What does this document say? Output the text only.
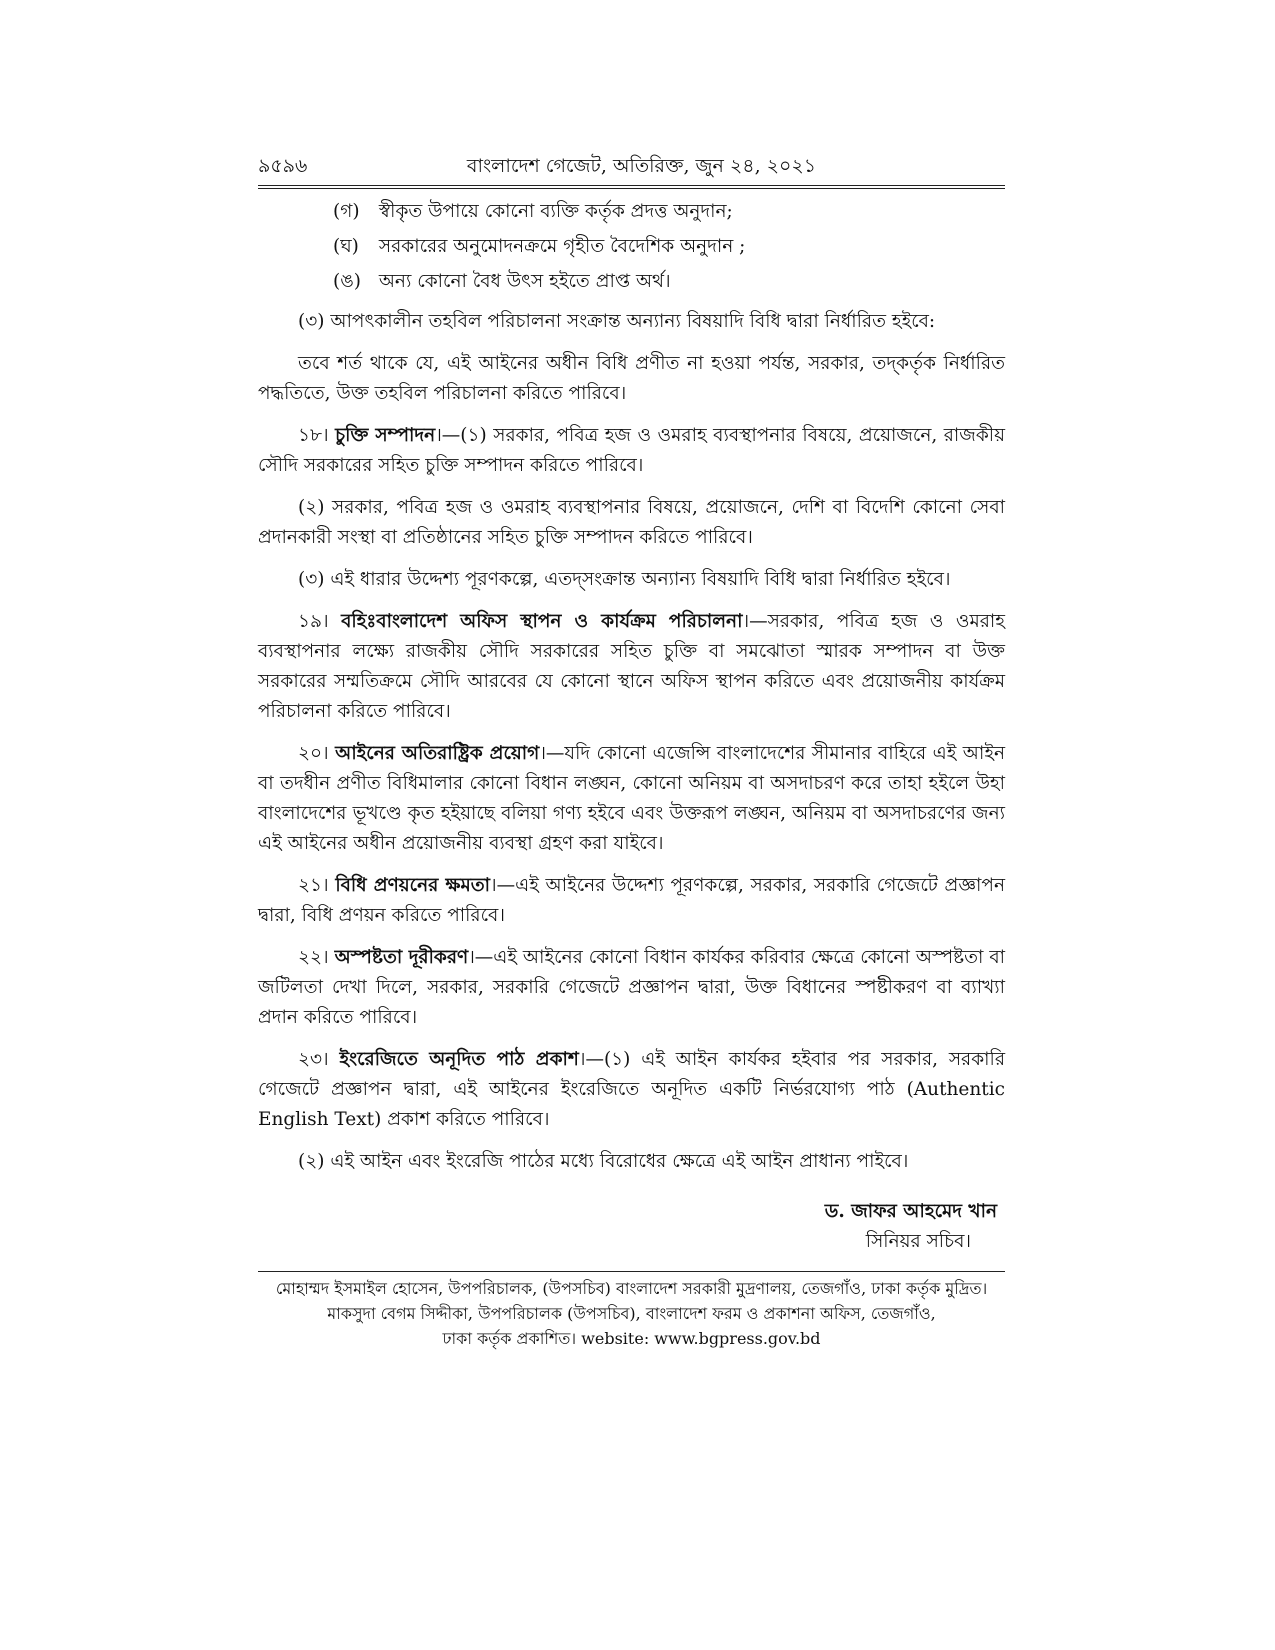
৯৫৯৬	বাংলাদেশ গেজেট, অতিরিক্ত, জুন ২৪, ২০২১
(গ) স্বীকৃত উপায়ে কোনো ব্যক্তি কর্তৃক প্রদত্ত অনুদান;
(ঘ) সরকারের অনুমোদনক্রমে গৃহীত বৈদেশিক অনুদান ;
(ঙ) অন্য কোনো বৈধ উৎস হইতে প্রাপ্ত অর্থ।

(৩) আপৎকালীন তহবিল পরিচালনা সংক্রান্ত অন্যান্য বিষয়াদি বিধি দ্বারা নির্ধারিত হইবে:

তবে শর্ত থাকে যে, এই আইনের অধীন বিধি প্রণীত না হওয়া পর্যন্ত, সরকার, তদ্‌কর্তৃক নির্ধারিত পদ্ধতিতে, উক্ত তহবিল পরিচালনা করিতে পারিবে।

১৮। চুক্তি সম্পাদন।—(১) সরকার, পবিত্র হজ ও ওমরাহ ব্যবস্থাপনার বিষয়ে, প্রয়োজনে, রাজকীয় সৌদি সরকারের সহিত চুক্তি সম্পাদন করিতে পারিবে।

(২) সরকার, পবিত্র হজ ও ওমরাহ ব্যবস্থাপনার বিষয়ে, প্রয়োজনে, দেশি বা বিদেশি কোনো সেবা প্রদানকারী সংস্থা বা প্রতিষ্ঠানের সহিত চুক্তি সম্পাদন করিতে পারিবে।

(৩) এই ধারার উদ্দেশ্য পূরণকল্পে, এতদ্‌সংক্রান্ত অন্যান্য বিষয়াদি বিধি দ্বারা নির্ধারিত হইবে।

১৯। বহিঃবাংলাদেশ অফিস স্থাপন ও কার্যক্রম পরিচালনা।—সরকার, পবিত্র হজ ও ওমরাহ ব্যবস্থাপনার লক্ষ্যে রাজকীয় সৌদি সরকারের সহিত চুক্তি বা সমঝোতা স্মারক সম্পাদন বা উক্ত সরকারের সম্মতিক্রমে সৌদি আরবের যে কোনো স্থানে অফিস স্থাপন করিতে এবং প্রয়োজনীয় কার্যক্রম পরিচালনা করিতে পারিবে।

২০। আইনের অতিরাষ্ট্রিক প্রয়োগ।—যদি কোনো এজেন্সি বাংলাদেশের সীমানার বাহিরে এই আইন বা তদধীন প্রণীত বিধিমালার কোনো বিধান লঙ্ঘন, কোনো অনিয়ম বা অসদাচরণ করে তাহা হইলে উহা বাংলাদেশের ভূখণ্ডে কৃত হইয়াছে বলিয়া গণ্য হইবে এবং উক্তরূপ লঙ্ঘন, অনিয়ম বা অসদাচরণের জন্য এই আইনের অধীন প্রয়োজনীয় ব্যবস্থা গ্রহণ করা যাইবে।

২১। বিধি প্রণয়নের ক্ষমতা।—এই আইনের উদ্দেশ্য পূরণকল্পে, সরকার, সরকারি গেজেটে প্রজ্ঞাপন দ্বারা, বিধি প্রণয়ন করিতে পারিবে।

২২। অস্পষ্টতা দূরীকরণ।—এই আইনের কোনো বিধান কার্যকর করিবার ক্ষেত্রে কোনো অস্পষ্টতা বা জটিলতা দেখা দিলে, সরকার, সরকারি গেজেটে প্রজ্ঞাপন দ্বারা, উক্ত বিধানের স্পষ্টীকরণ বা ব্যাখ্যা প্রদান করিতে পারিবে।

২৩। ইংরেজিতে অনূদিত পাঠ প্রকাশ।—(১) এই আইন কার্যকর হইবার পর সরকার, সরকারি গেজেটে প্রজ্ঞাপন দ্বারা, এই আইনের ইংরেজিতে অনূদিত একটি নির্ভরযোগ্য পাঠ (Authentic English Text) প্রকাশ করিতে পারিবে।

(২) এই আইন এবং ইংরেজি পাঠের মধ্যে বিরোধের ক্ষেত্রে এই আইন প্রাধান্য পাইবে।

ড. জাফর আহমেদ খান
সিনিয়র সচিব।
মোহাম্মদ ইসমাইল হোসেন, উপপরিচালক, (উপসচিব) বাংলাদেশ সরকারী মুদ্রণালয়, তেজগাঁও, ঢাকা কর্তৃক মুদ্রিত।
মাকসুদা বেগম সিদ্দীকা, উপপরিচালক (উপসচিব), বাংলাদেশ ফরম ও প্রকাশনা অফিস, তেজগাঁও,
ঢাকা কর্তৃক প্রকাশিত। website: www.bgpress.gov.bd
